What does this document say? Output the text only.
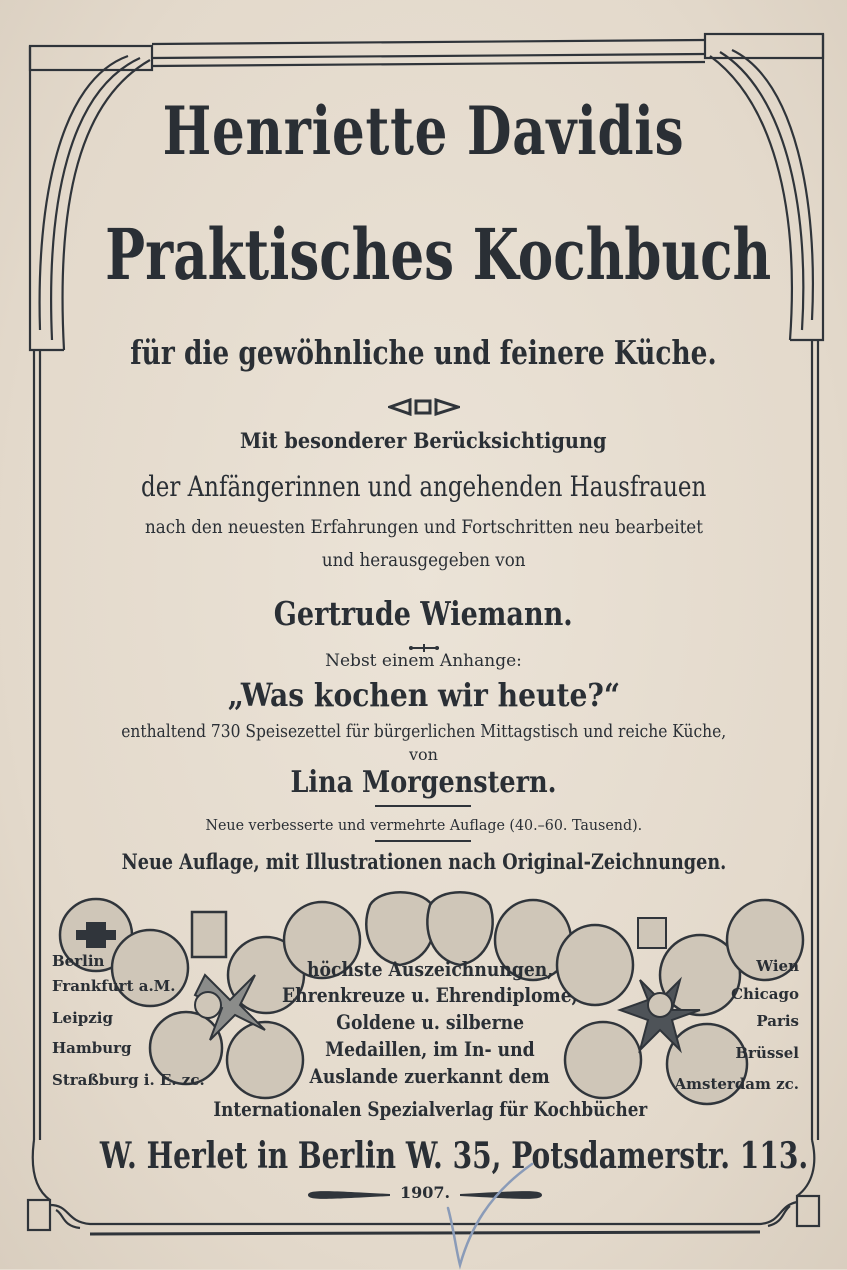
Henriette Davidis
Praktisches Kochbuch
für die gewöhnliche und feinere Küche.
Mit besonderer Berücksichtigung
der Anfängerinnen und angehenden Hausfrauen
nach den neuesten Erfahrungen und Fortschritten neu bearbeitet
und herausgegeben von
Gertrude Wiemann.
Nebst einem Anhange:
„Was kochen wir heute?“
enthaltend 730 Speisezettel für bürgerlichen Mittagstisch und reiche Küche,
von
Lina Morgenstern.
Neue verbesserte und vermehrte Auflage (40.–60. Tausend).
Neue Auflage, mit Illustrationen nach Original-Zeichnungen.
Berlin
Frankfurt a.M.
Leipzig
Hamburg
Straßburg i. E. zc.
Wien
Chicago
Paris
Brüssel
Amsterdam zc.
höchste Auszeichnungen,
Ehrenkreuze u. Ehrendiplome,
Goldene u. silberne
Medaillen, im In- und
Auslande zuerkannt dem
Internationalen Spezialverlag für Kochbücher
W. Herlet in Berlin W. 35, Potsdamerstr. 113.
1907.
